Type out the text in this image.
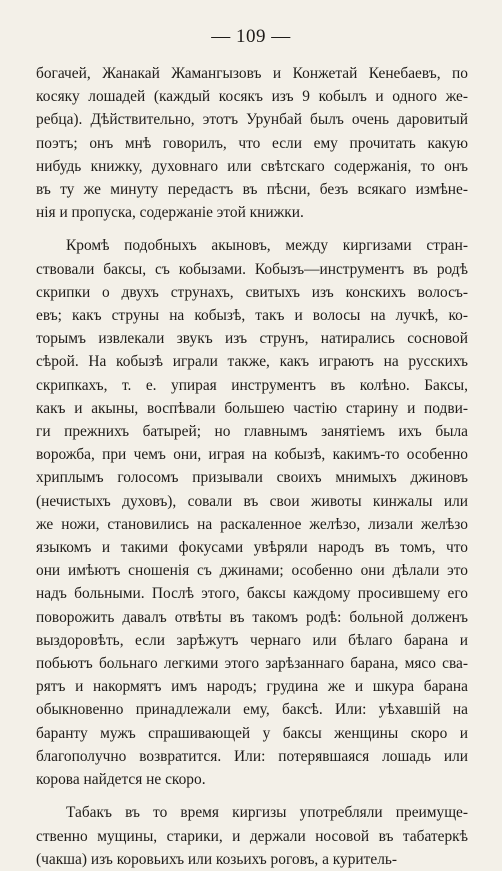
— 109 —
богачей, Жанакай Жамангызовъ и Конжетай Кенебаевъ, по
косяку лошадей (каждый косякъ изъ 9 кобылъ и одного же-
ребца). Дѣйствительно, этотъ Урунбай былъ очень даровитый
поэтъ; онъ мнѣ говорилъ, что если ему прочитать какую
нибудь книжку, духовнаго или свѣтскаго содержанія, то онъ
въ ту же минуту передастъ въ пѣсни, безъ всякаго измѣне-
нія и пропуска, содержаніе этой книжки.
Кромѣ подобныхъ акыновъ, между киргизами стран-
ствовали баксы, съ кобызами. Кобызъ—инструментъ въ родѣ
скрипки о двухъ струнахъ, свитыхъ изъ конскихъ волосъ-
евъ; какъ струны на кобызѣ, такъ и волосы на лучкѣ, ко-
торымъ извлекали звукъ изъ струнъ, натирались сосновой
сѣрой. На кобызѣ играли также, какъ играютъ на русскихъ
скрипкахъ, т. е. упирая инструментъ въ колѣно. Баксы,
какъ и акыны, воспѣвали большею частію старину и подви-
ги прежнихъ батырей; но главнымъ занятіемъ ихъ была
ворожба, при чемъ они, играя на кобызѣ, какимъ-то особенно
хриплымъ голосомъ призывали своихъ мнимыхъ джиновъ
(нечистыхъ духовъ), совали въ свои животы кинжалы или
же ножи, становились на раскаленное желѣзо, лизали желѣзо
языкомъ и такими фокусами увѣряли народъ въ томъ, что
они имѣютъ сношенія съ джинами; особенно они дѣлали это
надъ больными. Послѣ этого, баксы каждому просившему его
поворожить давалъ отвѣты въ такомъ родѣ: больной долженъ
выздоровѣть, если зарѣжутъ чернаго или бѣлаго барана и
побьютъ больнаго легкими этого зарѣзаннаго барана, мясо сва-
рятъ и накормятъ имъ народъ; грудина же и шкура барана
обыкновенно принадлежали ему, баксѣ. Или: уѣхавшій на
баранту мужъ спрашивающей у баксы женщины скоро и
благополучно возвратится. Или: потерявшаяся лошадь или
корова найдется не скоро.
Табакъ въ то время киргизы употребляли преимуще-
ственно мущины, старики, и держали носовой въ табатеркѣ
(чакша) изъ коровьихъ или козьихъ роговъ, а куритель-
